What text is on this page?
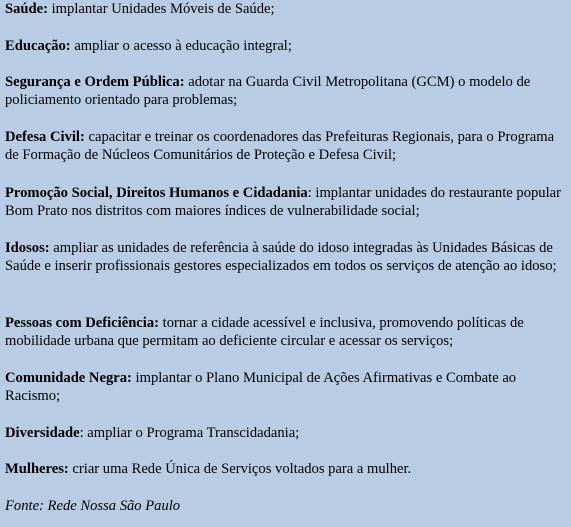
Saúde: implantar Unidades Móveis de Saúde;

Educação: ampliar o acesso à educação integral;

Segurança e Ordem Pública: adotar na Guarda Civil Metropolitana (GCM) o modelo de policiamento orientado para problemas;

Defesa Civil: capacitar e treinar os coordenadores das Prefeituras Regionais, para o Programa de Formação de Núcleos Comunitários de Proteção e Defesa Civil;

Promoção Social, Direitos Humanos e Cidadania: implantar unidades do restaurante popular Bom Prato nos distritos com maiores índices de vulnerabilidade social;

Idosos: ampliar as unidades de referência à saúde do idoso integradas às Unidades Básicas de Saúde e inserir profissionais gestores especializados em todos os serviços de atenção ao idoso;

Pessoas com Deficiência: tornar a cidade acessível e inclusiva, promovendo políticas de mobilidade urbana que permitam ao deficiente circular e acessar os serviços;

Comunidade Negra: implantar o Plano Municipal de Ações Afirmativas e Combate ao Racismo;

Diversidade: ampliar o Programa Transcidadania;

Mulheres: criar uma Rede Única de Serviços voltados para a mulher.

Fonte: Rede Nossa São Paulo
